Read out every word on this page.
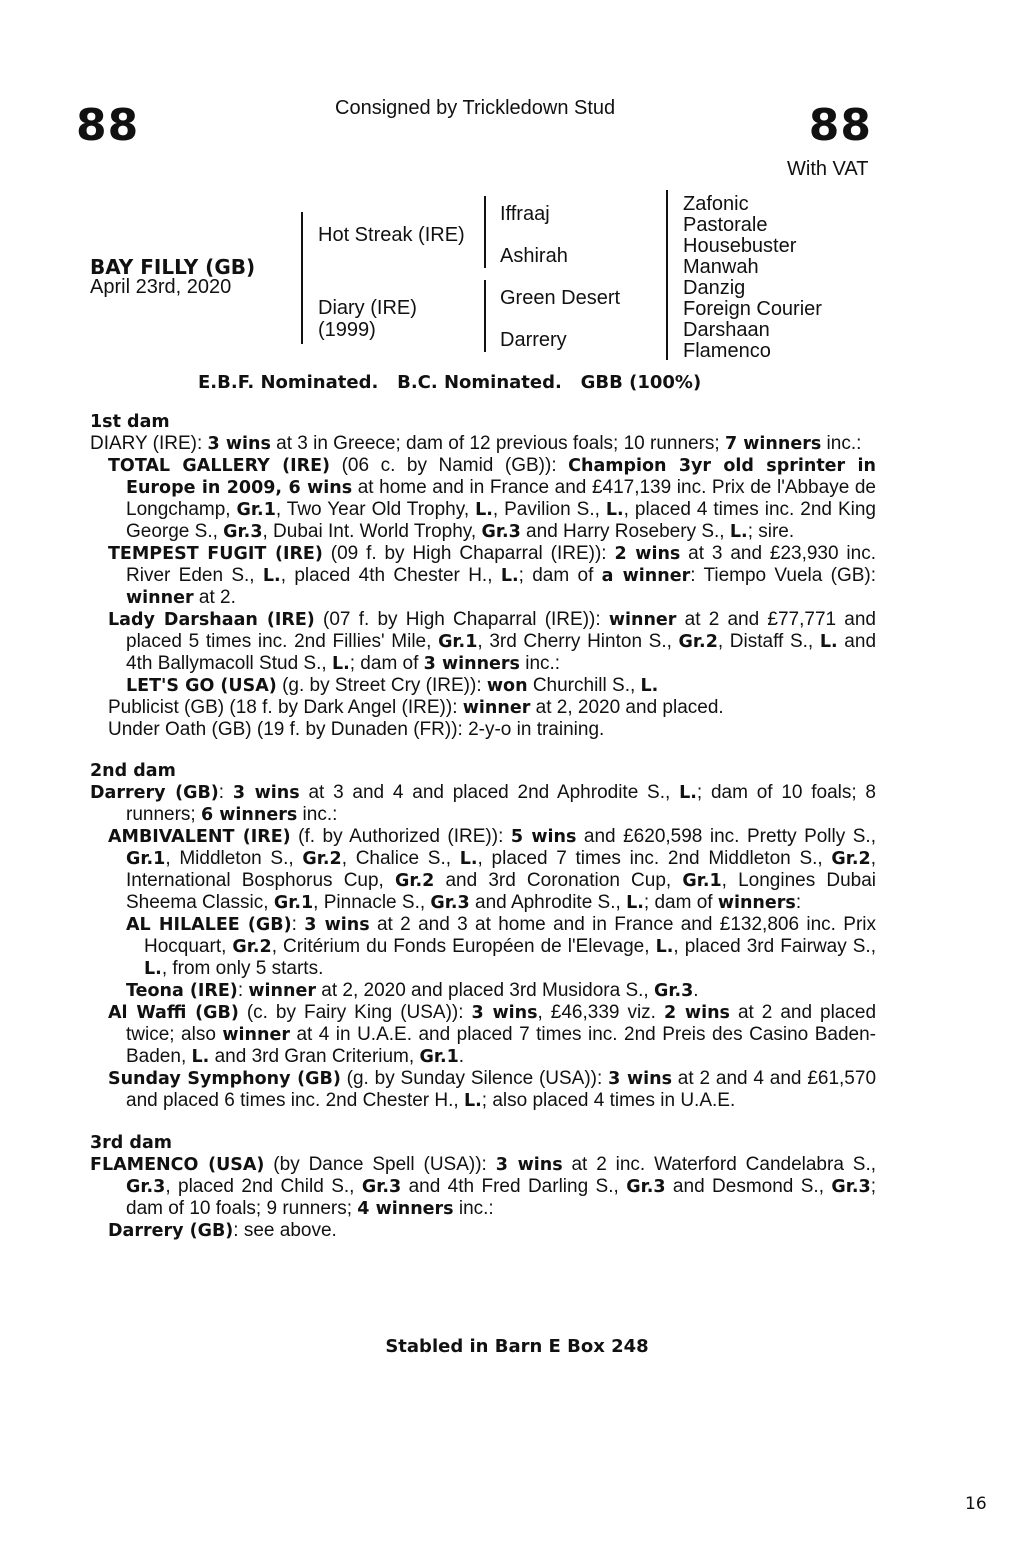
88	Consigned by Trickledown Stud	88
With VAT
BAY FILLY (GB)
April 23rd, 2020
Hot Streak (IRE)
Diary (IRE)
(1999)
Iffraaj
Ashirah
Green Desert
Darrery
Zafonic
Pastorale
Housebuster
Manwah
Danzig
Foreign Courier
Darshaan
Flamenco
E.B.F. Nominated.   B.C. Nominated.   GBB (100%)
1st dam
DIARY (IRE): 3 wins at 3 in Greece; dam of 12 previous foals; 10 runners; 7 winners inc.:
TOTAL GALLERY (IRE) (06 c. by Namid (GB)): Champion 3yr old sprinter in Europe in 2009, 6 wins at home and in France and £417,139 inc. Prix de l'Abbaye de Longchamp, Gr.1, Two Year Old Trophy, L., Pavilion S., L., placed 4 times inc. 2nd King George S., Gr.3, Dubai Int. World Trophy, Gr.3 and Harry Rosebery S., L.; sire.
TEMPEST FUGIT (IRE) (09 f. by High Chaparral (IRE)): 2 wins at 3 and £23,930 inc. River Eden S., L., placed 4th Chester H., L.; dam of a winner: Tiempo Vuela (GB): winner at 2.
Lady Darshaan (IRE) (07 f. by High Chaparral (IRE)): winner at 2 and £77,771 and placed 5 times inc. 2nd Fillies' Mile, Gr.1, 3rd Cherry Hinton S., Gr.2, Distaff S., L. and 4th Ballymacoll Stud S., L.; dam of 3 winners inc.:
LET'S GO (USA) (g. by Street Cry (IRE)): won Churchill S., L.
Publicist (GB) (18 f. by Dark Angel (IRE)): winner at 2, 2020 and placed.
Under Oath (GB) (19 f. by Dunaden (FR)): 2-y-o in training.
2nd dam
Darrery (GB): 3 wins at 3 and 4 and placed 2nd Aphrodite S., L.; dam of 10 foals; 8 runners; 6 winners inc.:
AMBIVALENT (IRE) (f. by Authorized (IRE)): 5 wins and £620,598 inc. Pretty Polly S., Gr.1, Middleton S., Gr.2, Chalice S., L., placed 7 times inc. 2nd Middleton S., Gr.2, International Bosphorus Cup, Gr.2 and 3rd Coronation Cup, Gr.1, Longines Dubai Sheema Classic, Gr.1, Pinnacle S., Gr.3 and Aphrodite S., L.; dam of winners:
AL HILALEE (GB): 3 wins at 2 and 3 at home and in France and £132,806 inc. Prix Hocquart, Gr.2, Critérium du Fonds Européen de l'Elevage, L., placed 3rd Fairway S., L., from only 5 starts.
Teona (IRE): winner at 2, 2020 and placed 3rd Musidora S., Gr.3.
Al Waffi (GB) (c. by Fairy King (USA)): 3 wins, £46,339 viz. 2 wins at 2 and placed twice; also winner at 4 in U.A.E. and placed 7 times inc. 2nd Preis des Casino Baden-Baden, L. and 3rd Gran Criterium, Gr.1.
Sunday Symphony (GB) (g. by Sunday Silence (USA)): 3 wins at 2 and 4 and £61,570 and placed 6 times inc. 2nd Chester H., L.; also placed 4 times in U.A.E.
3rd dam
FLAMENCO (USA) (by Dance Spell (USA)): 3 wins at 2 inc. Waterford Candelabra S., Gr.3, placed 2nd Child S., Gr.3 and 4th Fred Darling S., Gr.3 and Desmond S., Gr.3; dam of 10 foals; 9 runners; 4 winners inc.:
Darrery (GB): see above.
Stabled in Barn E Box 248
16
